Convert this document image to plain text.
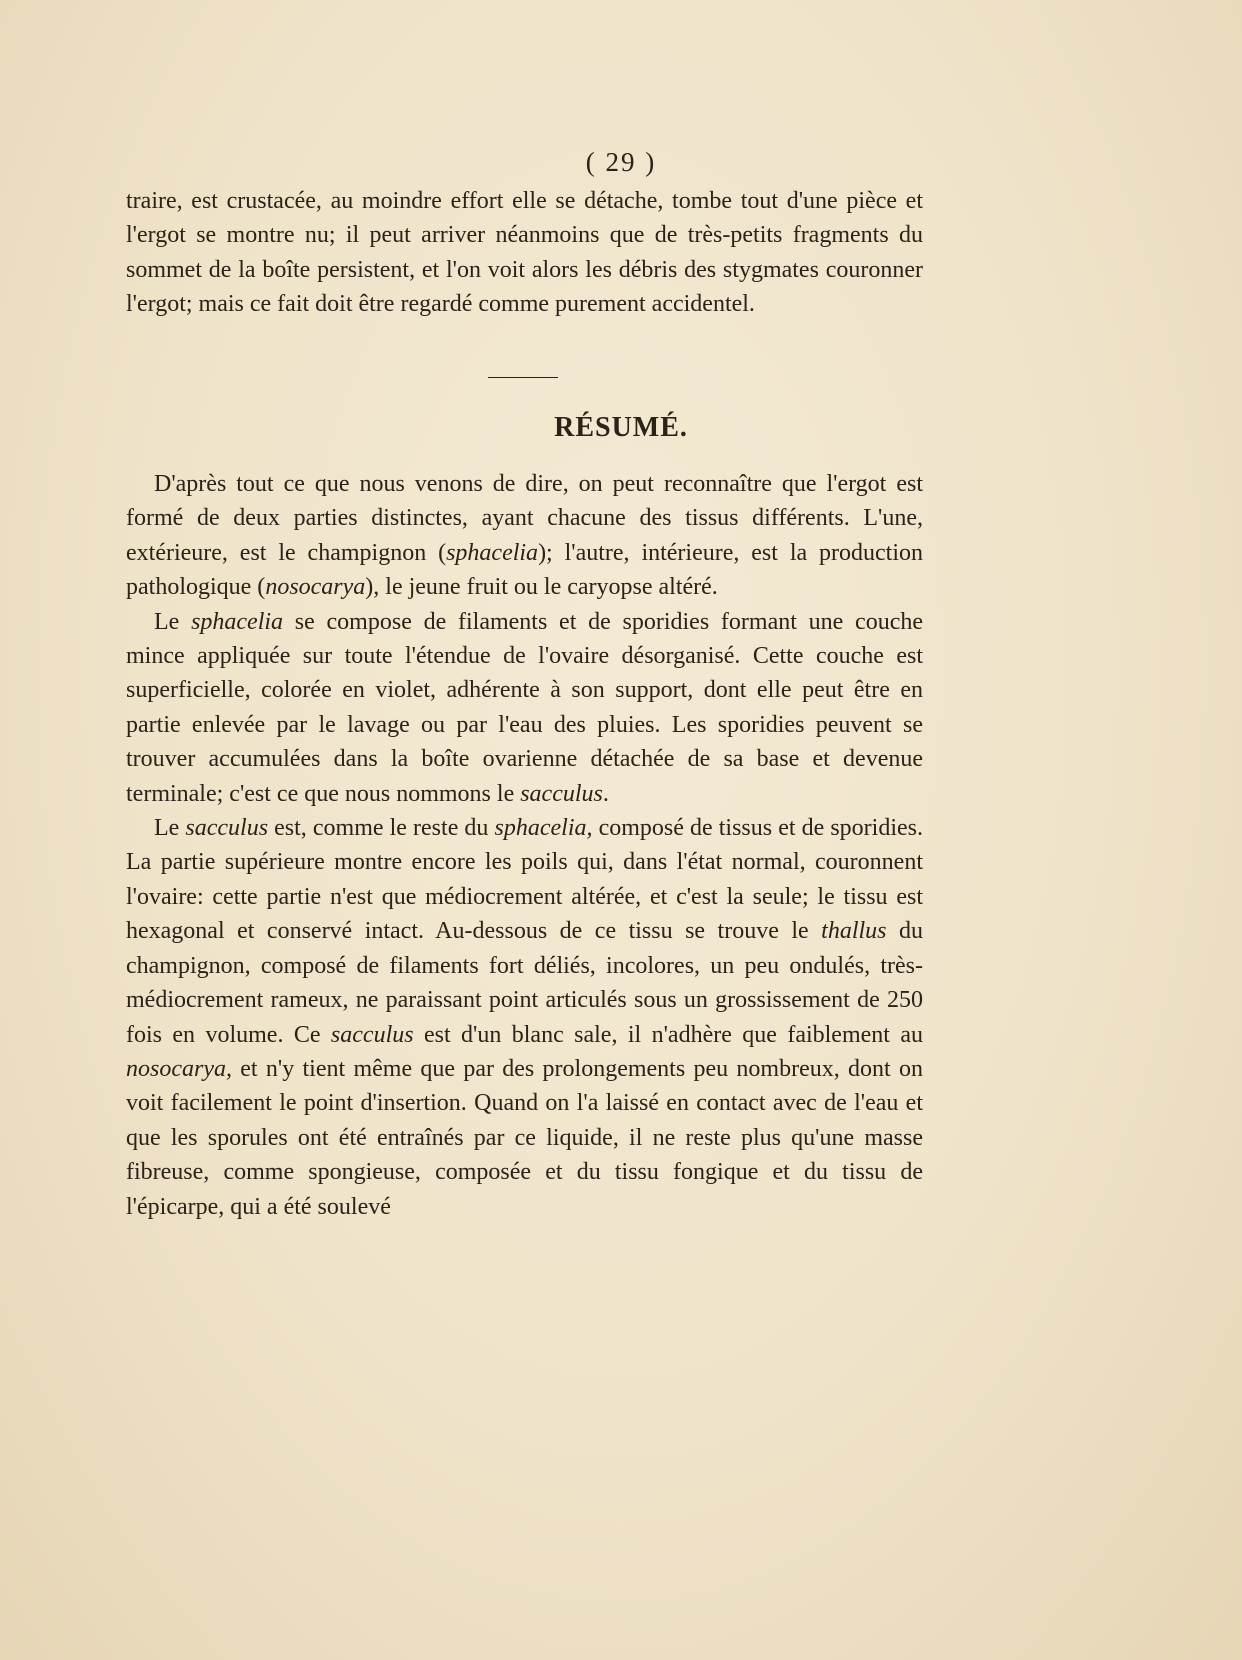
( 29 )

traire, est crustacée, au moindre effort elle se détache, tombe tout d'une pièce et l'ergot se montre nu; il peut arriver néanmoins que de très-petits fragments du sommet de la boîte persistent, et l'on voit alors les débris des stygmates couronner l'ergot; mais ce fait doit être regardé comme purement accidentel.

RÉSUMÉ.

D'après tout ce que nous venons de dire, on peut reconnaître que l'ergot est formé de deux parties distinctes, ayant chacune des tissus différents. L'une, extérieure, est le champignon (sphacelia); l'autre, intérieure, est la production pathologique (nosocarya), le jeune fruit ou le caryopse altéré.

Le sphacelia se compose de filaments et de sporidies formant une couche mince appliquée sur toute l'étendue de l'ovaire désorganisé. Cette couche est superficielle, colorée en violet, adhérente à son support, dont elle peut être en partie enlevée par le lavage ou par l'eau des pluies. Les sporidies peuvent se trouver accumulées dans la boîte ovarienne détachée de sa base et devenue terminale; c'est ce que nous nommons le sacculus.

Le sacculus est, comme le reste du sphacelia, composé de tissus et de sporidies. La partie supérieure montre encore les poils qui, dans l'état normal, couronnent l'ovaire: cette partie n'est que médiocrement altérée, et c'est la seule; le tissu est hexagonal et conservé intact. Au-dessous de ce tissu se trouve le thallus du champignon, composé de filaments fort déliés, incolores, un peu ondulés, très-médiocrement rameux, ne paraissant point articulés sous un grossissement de 250 fois en volume. Ce sacculus est d'un blanc sale, il n'adhère que faiblement au nosocarya, et n'y tient même que par des prolongements peu nombreux, dont on voit facilement le point d'insertion. Quand on l'a laissé en contact avec de l'eau et que les sporules ont été entraînés par ce liquide, il ne reste plus qu'une masse fibreuse, comme spongieuse, composée et du tissu fongique et du tissu de l'épicarpe, qui a été soulevé
